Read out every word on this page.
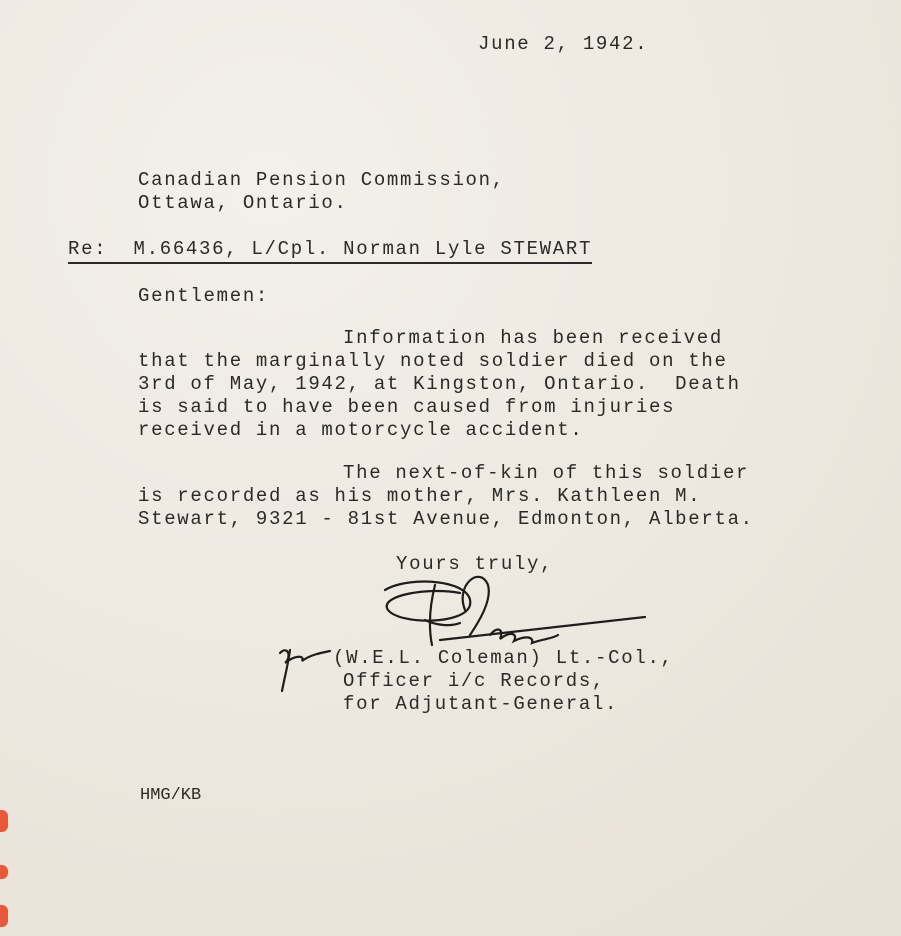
June 2, 1942.
Canadian Pension Commission,
Ottawa, Ontario.
Re:  M.66436, L/Cpl. Norman Lyle STEWART
Gentlemen:
Information has been received
that the marginally noted soldier died on the
3rd of May, 1942, at Kingston, Ontario.  Death
is said to have been caused from injuries
received in a motorcycle accident.
The next-of-kin of this soldier
is recorded as his mother, Mrs. Kathleen M.
Stewart, 9321 - 81st Avenue, Edmonton, Alberta.
Yours truly,
(W.E.L. Coleman) Lt.-Col.,
Officer i/c Records,
for Adjutant-General.
HMG/KB
